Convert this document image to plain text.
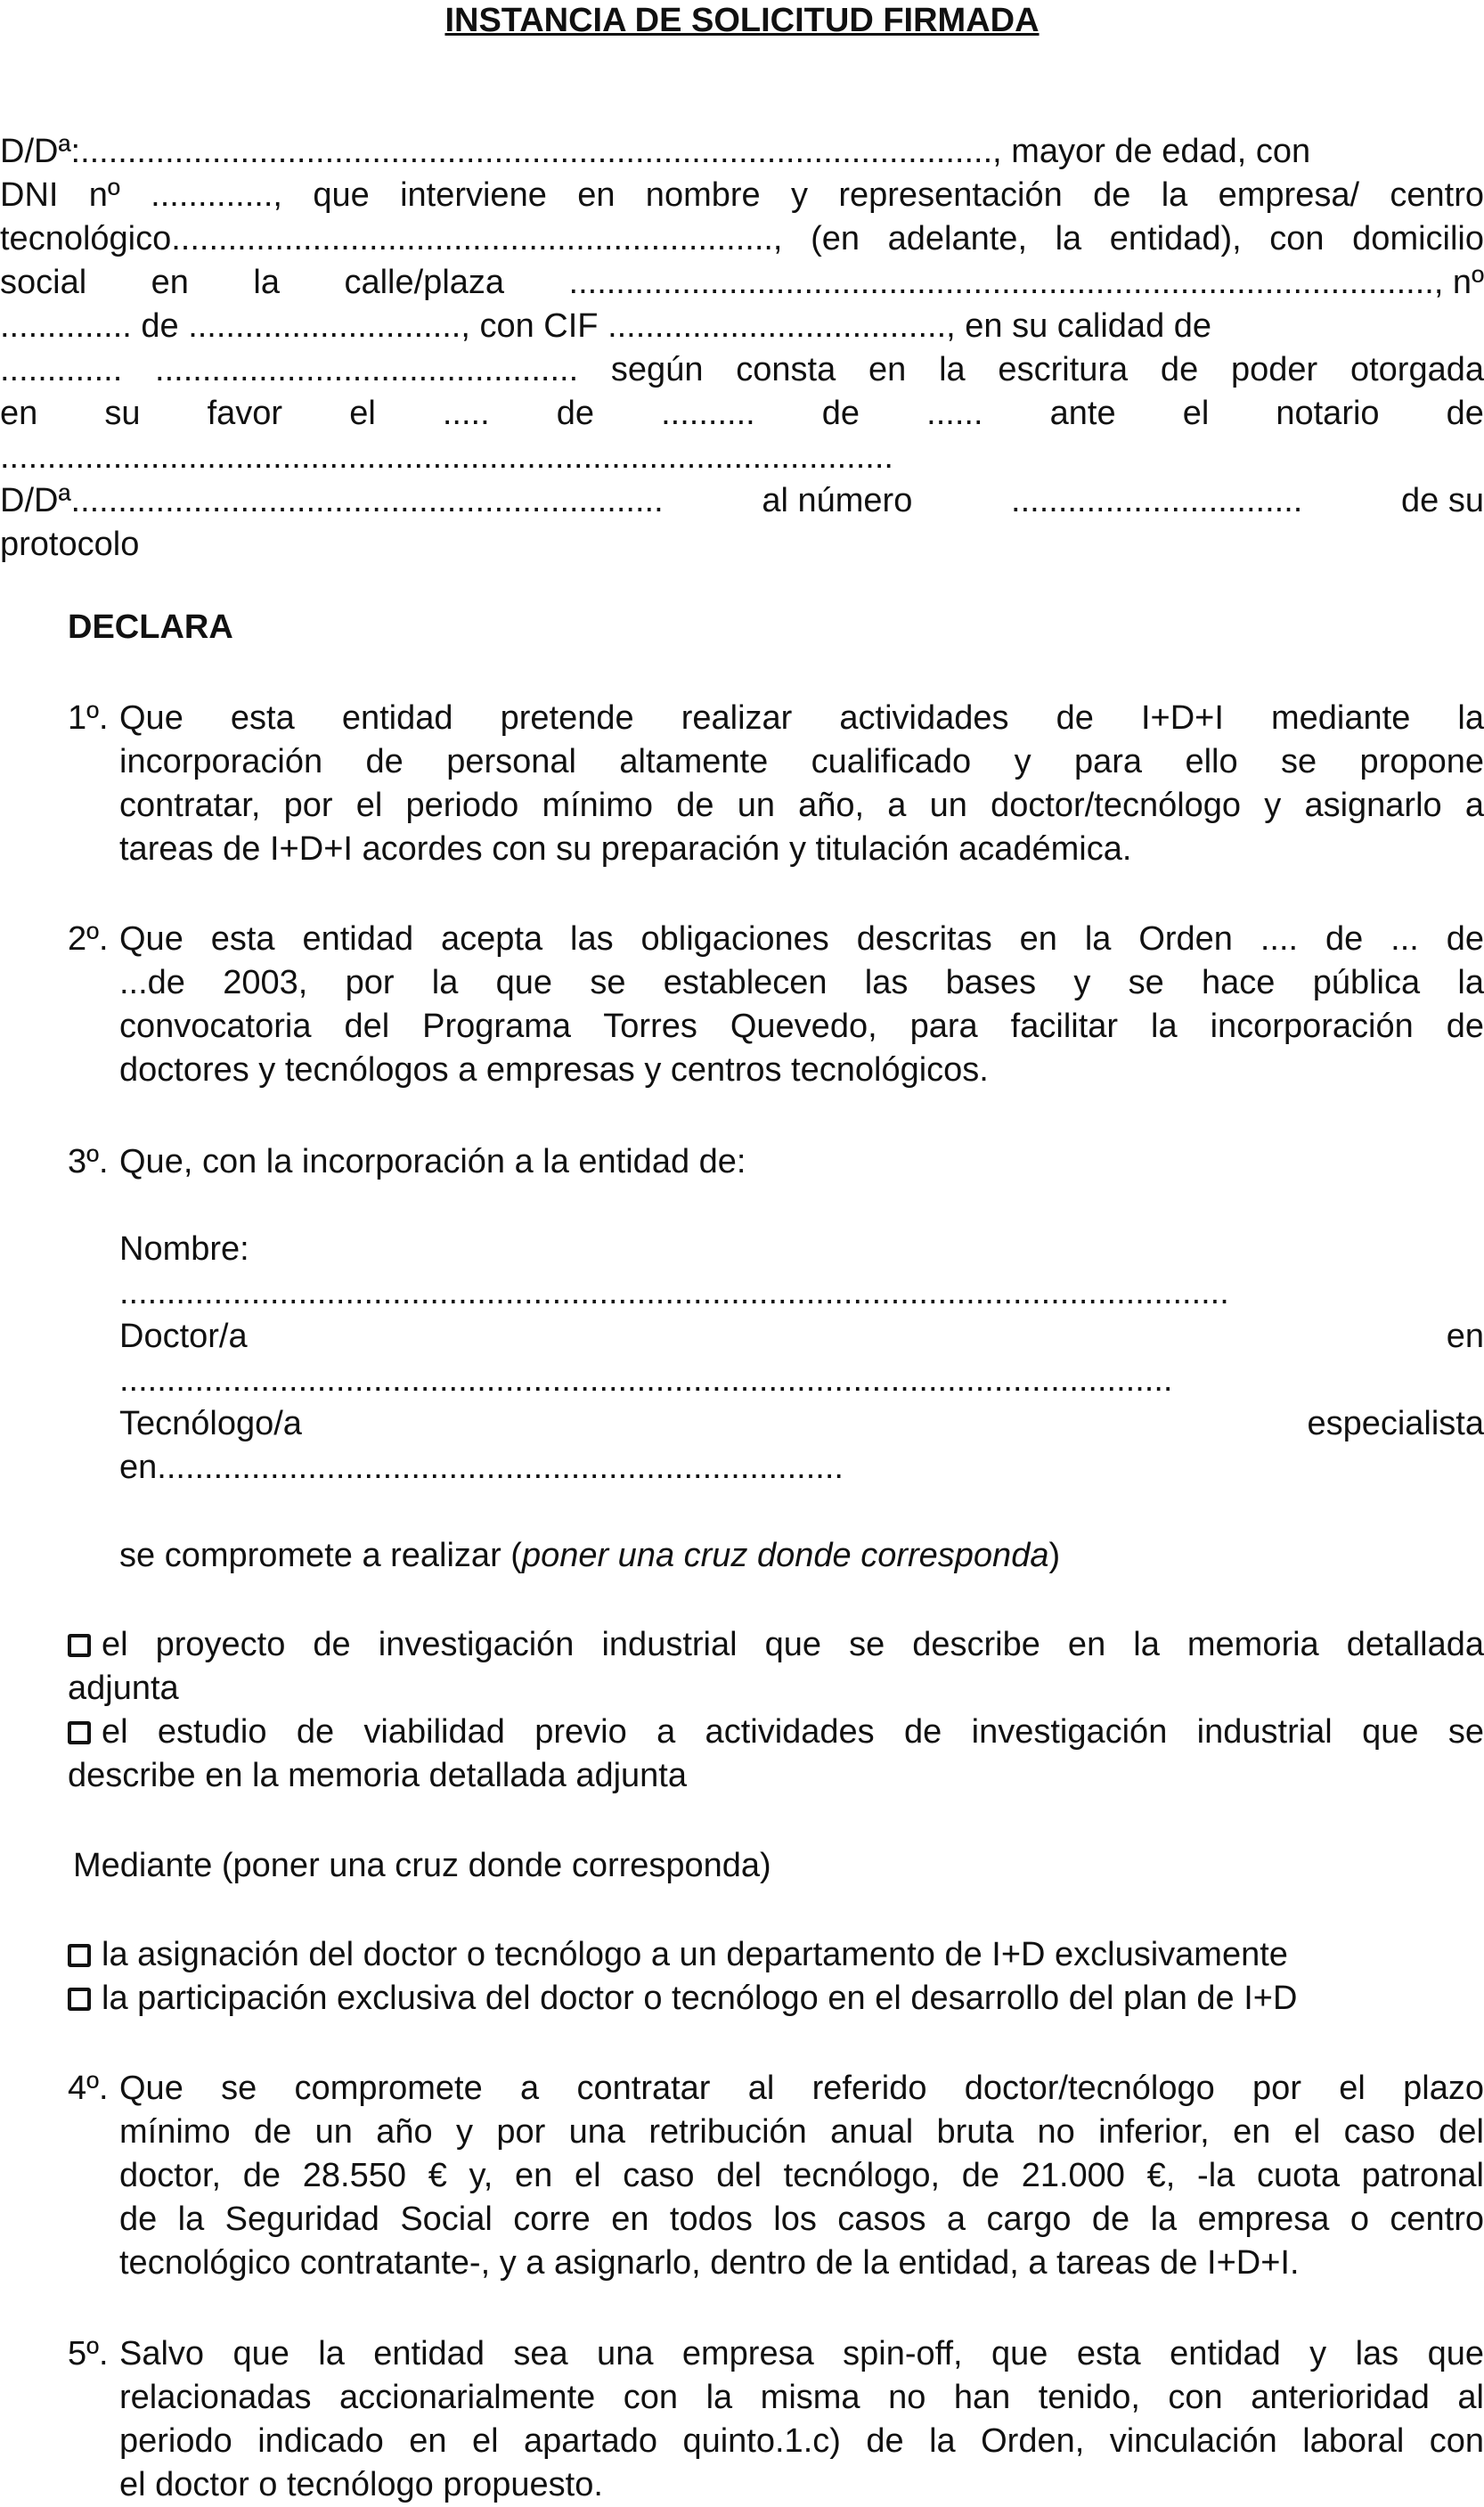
INSTANCIA DE SOLICITUD FIRMADA
D/Dª:................................................................................................., mayor de edad, con
DNI nº ............., que interviene en nombre y representación de la empresa/ centro
tecnológico................................................................, (en adelante, la entidad), con domicilio
social en la calle/plaza ............................................................................................, nº
.............. de ............................., con CIF ...................................., en su calidad de
............. ............................................. según consta en la escritura de poder otorgada
en su favor el ..... de .......... de ...... ante el notario de
...............................................................................................
D/Dª...............................................................	al número	...............................	de su
protocolo
DECLARA
1º. Que esta entidad pretende realizar actividades de I+D+I mediante la
incorporación de personal altamente cualificado y para ello se propone
contratar, por el periodo mínimo de un año, a un doctor/tecnólogo y asignarlo a
tareas de I+D+I acordes con su preparación y titulación académica.
2º. Que esta entidad acepta las obligaciones descritas en la Orden .... de ... de
...de 2003, por la que se establecen las bases y se hace pública la
convocatoria del Programa Torres Quevedo, para facilitar la incorporación de
doctores y tecnólogos a empresas y centros tecnológicos.
3º. Que, con la incorporación a la entidad de:
Nombre:
......................................................................................................................
Doctor/a	en
................................................................................................................
Tecnólogo/a	especialista
en.........................................................................
se compromete a realizar (poner una cruz donde corresponda)
el proyecto de investigación industrial que se describe en la memoria detallada
adjunta
el estudio de viabilidad previo a actividades de investigación industrial que se
describe en la memoria detallada adjunta
Mediante (poner una cruz donde corresponda)
la asignación del doctor o tecnólogo a un departamento de I+D exclusivamente
la participación exclusiva del doctor o tecnólogo en el desarrollo del plan de I+D
4º. Que se compromete a contratar al referido doctor/tecnólogo por el plazo
mínimo de un año y por una retribución anual bruta no inferior, en el caso del
doctor, de 28.550 € y, en el caso del tecnólogo, de 21.000 €, -la cuota patronal
de la Seguridad Social corre en todos los casos a cargo de la empresa o centro
tecnológico contratante-, y a asignarlo, dentro de la entidad, a tareas de I+D+I.
5º. Salvo que la entidad sea una empresa spin-off, que esta entidad y las que
relacionadas accionarialmente con la misma no han tenido, con anterioridad al
periodo indicado en el apartado quinto.1.c) de la Orden, vinculación laboral con
el doctor o tecnólogo propuesto.
